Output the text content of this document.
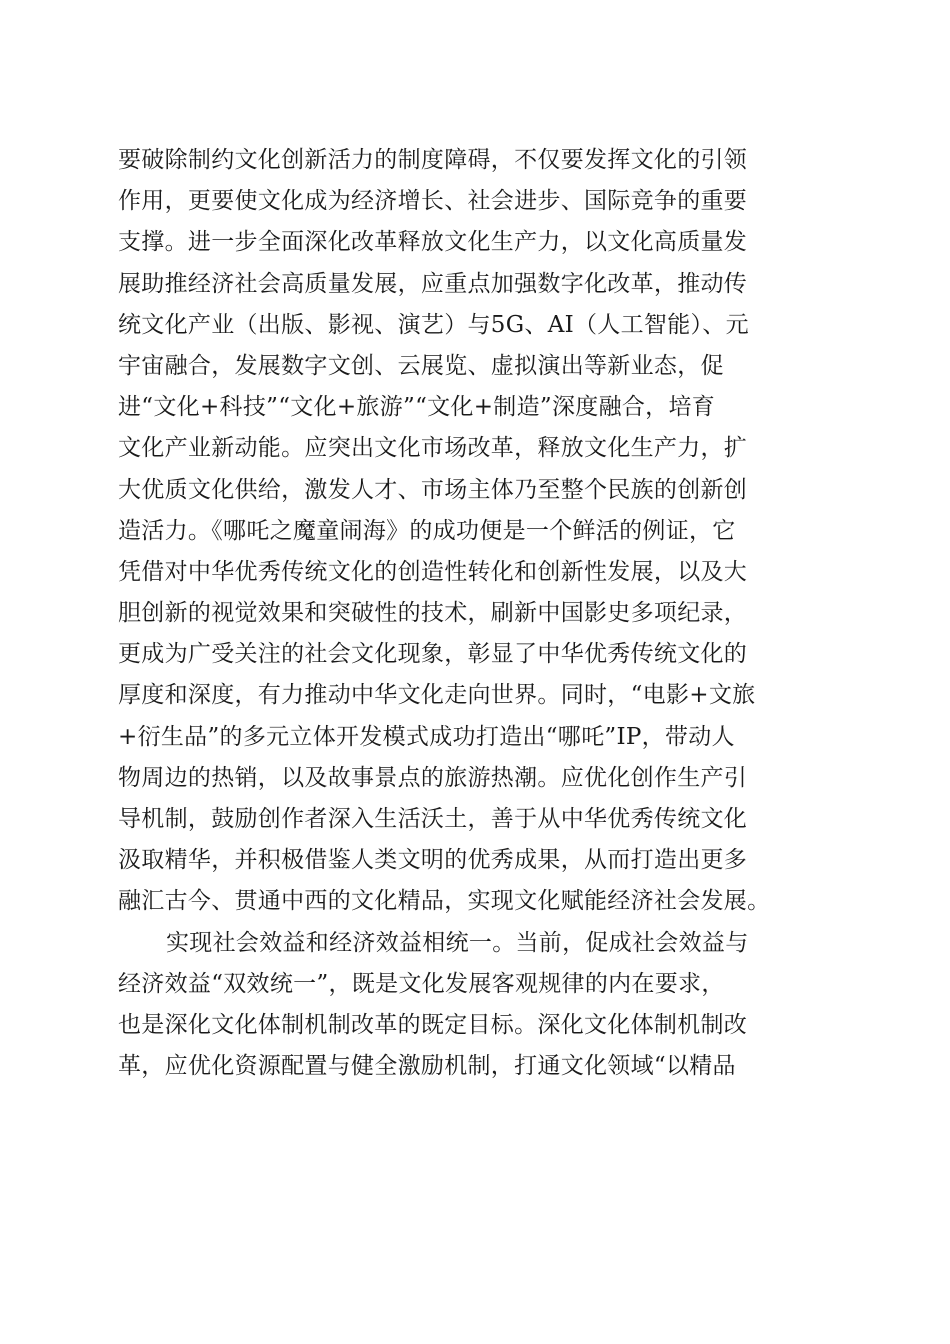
要破除制约文化创新活力的制度障碍，不仅要发挥文化的引领
作用，更要使文化成为经济增长、社会进步、国际竞争的重要
支撑。进一步全面深化改革释放文化生产力，以文化高质量发
展助推经济社会高质量发展，应重点加强数字化改革，推动传
统文化产业（出版、影视、演艺）与5G、AI（人工智能）、元
宇宙融合，发展数字文创、云展览、虚拟演出等新业态，促
进“文化+科技”“文化+旅游”“文化+制造”深度融合，培育
文化产业新动能。应突出文化市场改革，释放文化生产力，扩
大优质文化供给，激发人才、市场主体乃至整个民族的创新创
造活力。《哪吒之魔童闹海》的成功便是一个鲜活的例证，它
凭借对中华优秀传统文化的创造性转化和创新性发展，以及大
胆创新的视觉效果和突破性的技术，刷新中国影史多项纪录，
更成为广受关注的社会文化现象，彰显了中华优秀传统文化的
厚度和深度，有力推动中华文化走向世界。同时，“电影+文旅
+衍生品”的多元立体开发模式成功打造出“哪吒”IP，带动人
物周边的热销，以及故事景点的旅游热潮。应优化创作生产引
导机制，鼓励创作者深入生活沃土，善于从中华优秀传统文化
汲取精华，并积极借鉴人类文明的优秀成果，从而打造出更多
融汇古今、贯通中西的文化精品，实现文化赋能经济社会发展。
实现社会效益和经济效益相统一。当前，促成社会效益与
经济效益“双效统一”，既是文化发展客观规律的内在要求，
也是深化文化体制机制改革的既定目标。深化文化体制机制改
革，应优化资源配置与健全激励机制，打通文化领域“以精品
